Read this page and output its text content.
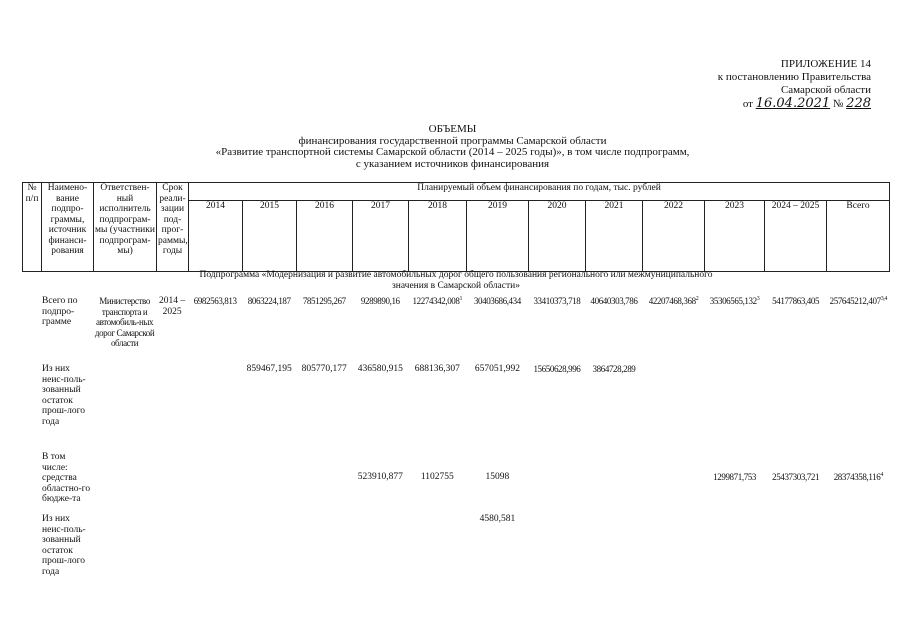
ПРИЛОЖЕНИЕ 14
к постановлению Правительства
Самарской области
от 16.04.2021 № 228
ОБЪЕМЫ
финансирования государственной программы Самарской области
«Развитие транспортной системы Самарской области (2014 – 2025 годы)», в том числе подпрограмм,
с указанием источников финансирования
№ п/п	Наимено-вание подпро-граммы, источник финанси-рования	Ответствен-ный исполнитель подпрограм-мы (участники подпрограм-мы)	Срок реали-зации под-прог-раммы, годы	Планируемый объем финансирования по годам, тыс. рублей											
				2014	2015	2016	2017	2018	2019	2020	2021	2022	2023	2024 – 2025	Всего
Подпрограмма «Модернизация и развитие автомобильных дорог общего пользования регионального или межмуниципального значения в Самарской области»															

	Всего по подпро-грамме	Министерство транспорта и автомобиль-ных дорог Самарской области	2014 – 2025	6982563,813	8063224,187	7851295,267	9289890,16	12274342,008$^1$	30403686,434	33410373,718	40640303,786	42207468,368$^2$	35306565,132$^3$	54177863,405	257645212,407$^{3,4}$
	Из них неис-поль-зованный остаток прош-лого года				859467,195	805770,177	436580,915	688136,307	657051,992	15650628,996	3864728,289				
	В том числе: средства областно-го бюдже-та						523910,877	1102755	15098				1299871,753	25437303,721	28374358,116$^4$
	Из них неис-поль-зованный остаток прош-лого года								4580,581						
